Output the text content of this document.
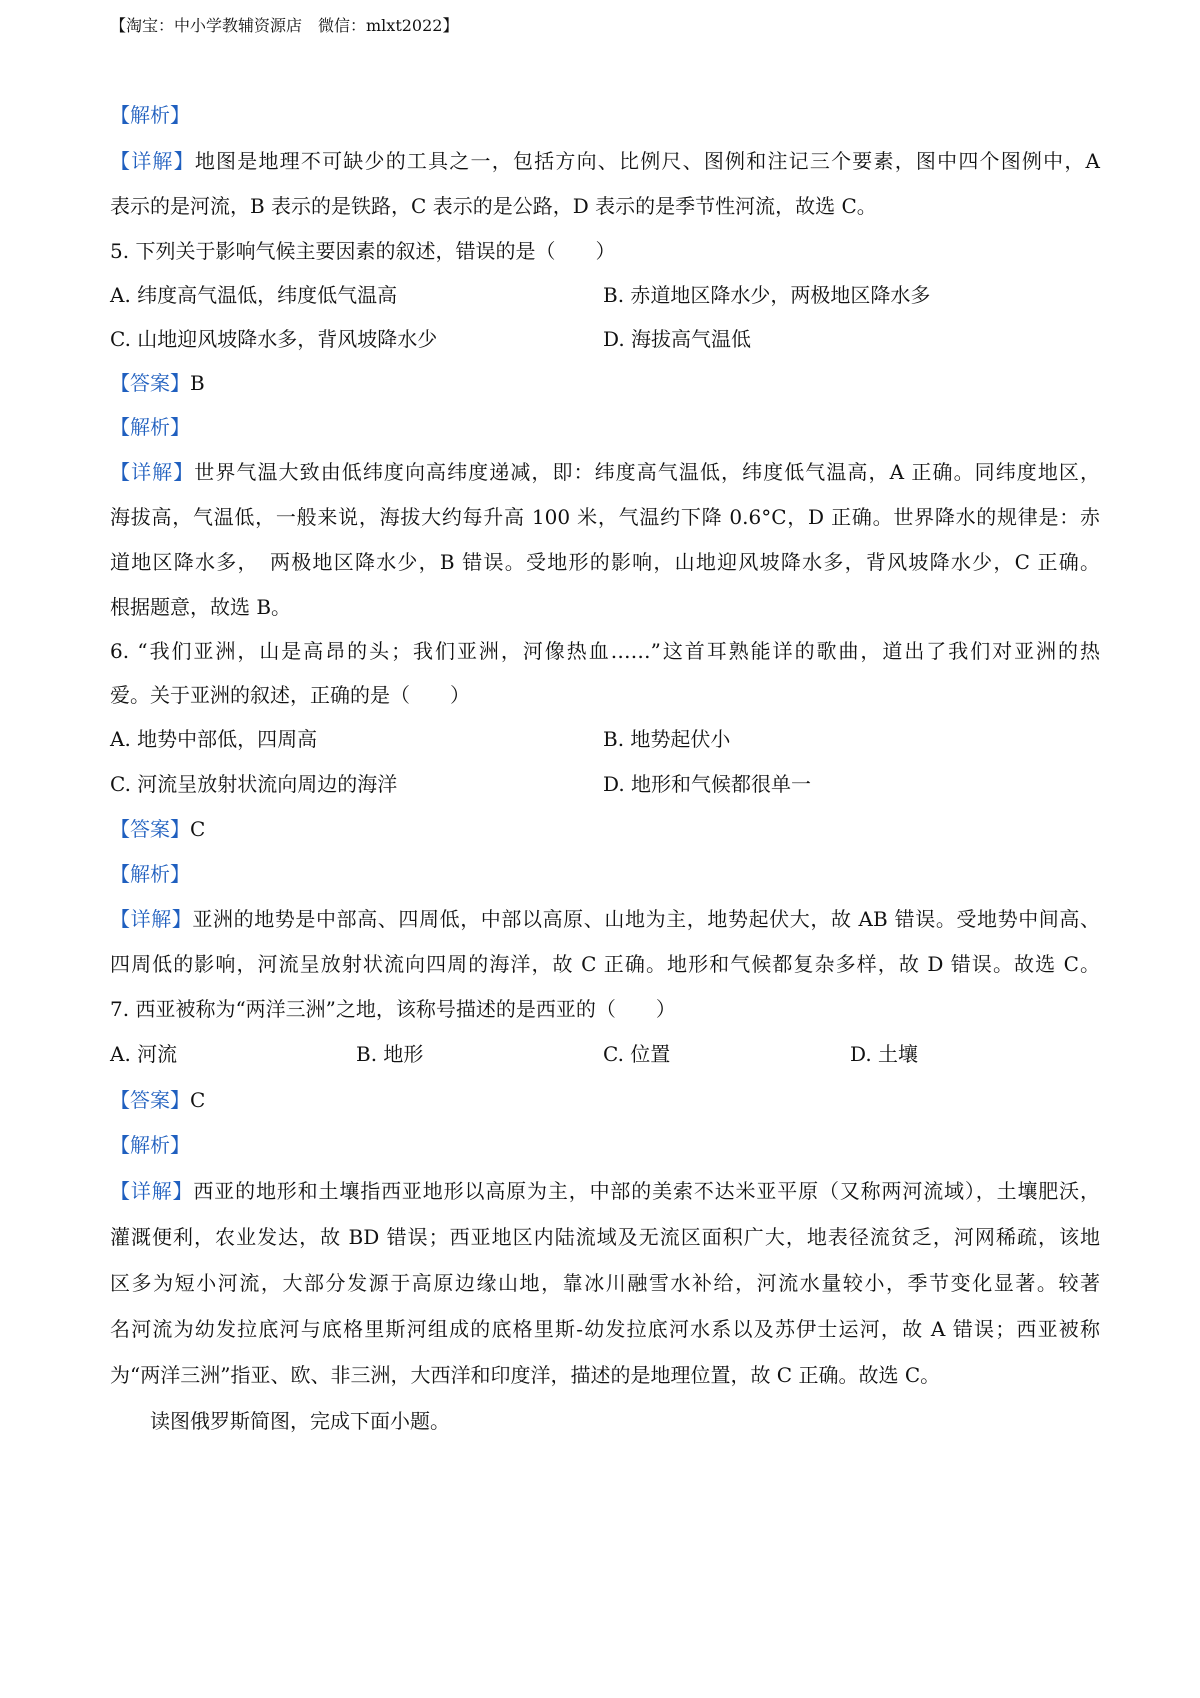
【淘宝：中小学教辅资源店　微信：mlxt2022】
【解析】
【详解】地图是地理不可缺少的工具之一，包括方向、比例尺、图例和注记三个要素，图中四个图例中，A
表示的是河流，B 表示的是铁路，C 表示的是公路，D 表示的是季节性河流，故选 C。
5. 下列关于影响气候主要因素的叙述，错误的是（　　）
A. 纬度高气温低，纬度低气温高	B. 赤道地区降水少，两极地区降水多
C. 山地迎风坡降水多，背风坡降水少	D. 海拔高气温低
【答案】B
【解析】
【详解】世界气温大致由低纬度向高纬度递减，即：纬度高气温低，纬度低气温高，A 正确。同纬度地区，
海拔高，气温低，一般来说，海拔大约每升高 100 米，气温约下降 0.6°C，D 正确。世界降水的规律是：赤
道地区降水多，　两极地区降水少，B 错误。受地形的影响，山地迎风坡降水多，背风坡降水少，C 正确。
根据题意，故选 B。
6. “我们亚洲，山是高昂的头；我们亚洲，河像热血……”这首耳熟能详的歌曲，道出了我们对亚洲的热
爱。关于亚洲的叙述，正确的是（　　）
A. 地势中部低，四周高	B. 地势起伏小
C. 河流呈放射状流向周边的海洋	D. 地形和气候都很单一
【答案】C
【解析】
【详解】亚洲的地势是中部高、四周低，中部以高原、山地为主，地势起伏大，故 AB 错误。受地势中间高、
四周低的影响，河流呈放射状流向四周的海洋，故 C 正确。地形和气候都复杂多样，故 D 错误。故选 C。
7. 西亚被称为“两洋三洲”之地，该称号描述的是西亚的（　　）
A. 河流	B. 地形	C. 位置	D. 土壤
【答案】C
【解析】
【详解】西亚的地形和土壤指西亚地形以高原为主，中部的美索不达米亚平原（又称两河流域），土壤肥沃，
灌溉便利，农业发达，故 BD 错误；西亚地区内陆流域及无流区面积广大，地表径流贫乏，河网稀疏，该地
区多为短小河流，大部分发源于高原边缘山地，靠冰川融雪水补给，河流水量较小，季节变化显著。较著
名河流为幼发拉底河与底格里斯河组成的底格里斯-幼发拉底河水系以及苏伊士运河，故 A 错误；西亚被称
为“两洋三洲”指亚、欧、非三洲，大西洋和印度洋，描述的是地理位置，故 C 正确。故选 C。
读图俄罗斯简图，完成下面小题。
